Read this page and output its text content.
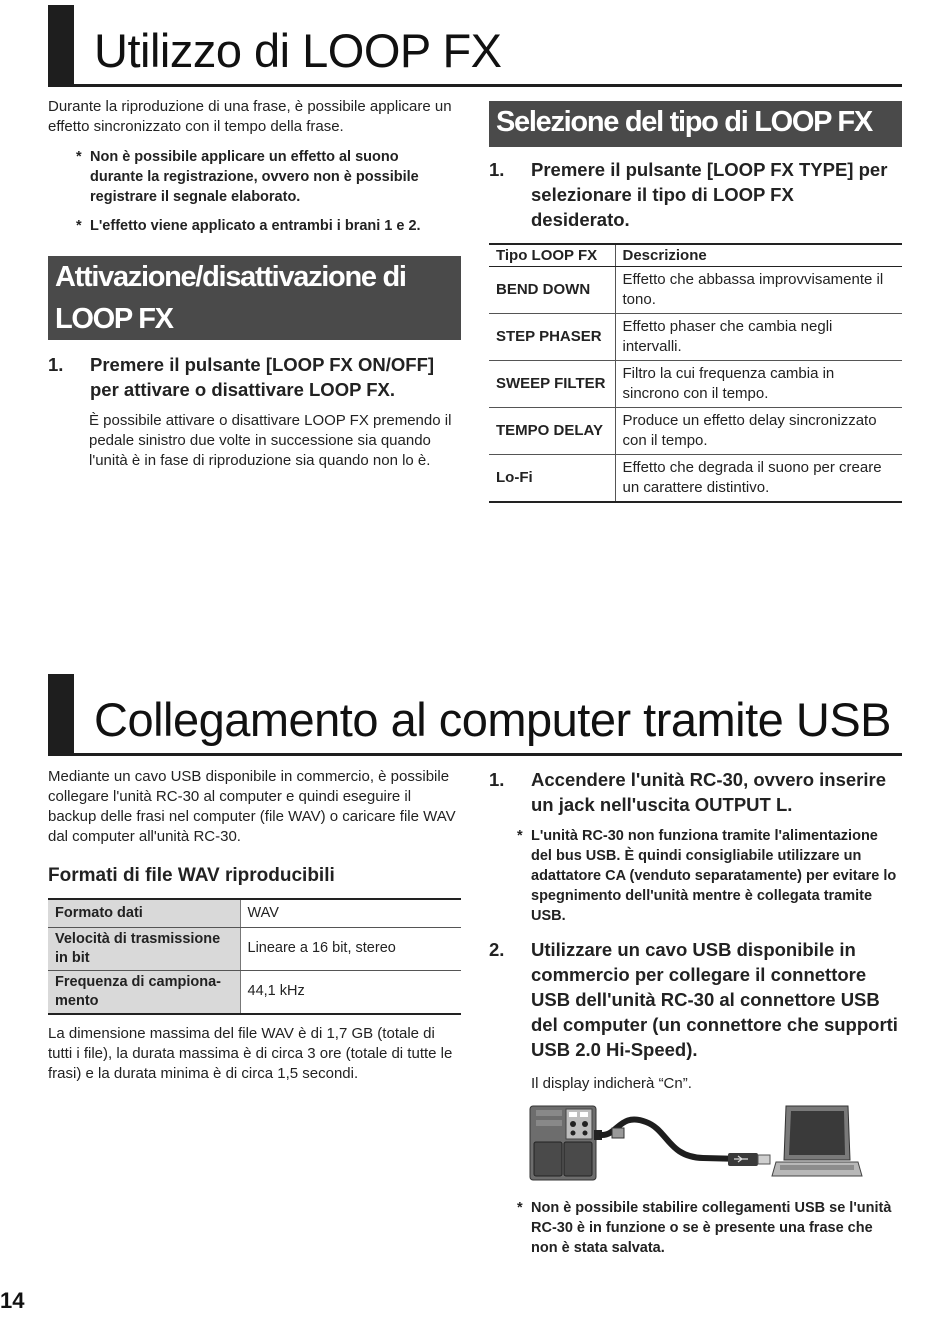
Utilizzo di LOOP FX
Durante la riproduzione di una frase, è possibile applicare un effetto sincronizzato con il tempo della frase.
* Non è possibile applicare un effetto al suono durante la registrazione, ovvero non è possibile registrare il segnale elaborato.
* L'effetto viene applicato a entrambi i brani 1 e 2.
Attivazione/disattivazione di LOOP FX
1. Premere il pulsante [LOOP FX ON/OFF] per attivare o disattivare LOOP FX.
È possibile attivare o disattivare LOOP FX premendo il pedale sinistro due volte in successione sia quando l'unità è in fase di riproduzione sia quando non lo è.
Selezione del tipo di LOOP FX
1. Premere il pulsante [LOOP FX TYPE] per selezionare il tipo di LOOP FX desiderato.
Tipo LOOP FX	Descrizione
BEND DOWN	Effetto che abbassa improvvisamente il tono.
STEP PHASER	Effetto phaser che cambia negli intervalli.
SWEEP FILTER	Filtro la cui frequenza cambia in sincrono con il tempo.
TEMPO DELAY	Produce un effetto delay sincronizzato con il tempo.
Lo-Fi	Effetto che degrada il suono per creare un carattere distintivo.
Collegamento al computer tramite USB
Mediante un cavo USB disponibile in commercio, è possibile collegare l'unità RC-30 al computer e quindi eseguire il backup delle frasi nel computer (file WAV) o caricare file WAV dal computer all'unità RC-30.
Formati di file WAV riproducibili
Formato dati	WAV
Velocità di trasmissione in bit	Lineare a 16 bit, stereo
Frequenza di campiona-mento	44,1 kHz
La dimensione massima del file WAV è di 1,7 GB (totale di tutti i file), la durata massima è di circa 3 ore (totale di tutte le frasi) e la durata minima è di circa 1,5 secondi.
1. Accendere l'unità RC-30, ovvero inserire un jack nell'uscita OUTPUT L.
* L'unità RC-30 non funziona tramite l'alimentazione del bus USB. È quindi consigliabile utilizzare un adattatore CA (venduto separatamente) per evitare lo spegnimento dell'unità mentre è collegata tramite USB.
2. Utilizzare un cavo USB disponibile in commercio per collegare il connettore USB dell'unità RC-30 al connettore USB del computer (un connettore che supporti USB 2.0 Hi-Speed).
Il display indicherà “Cn”.
* Non è possibile stabilire collegamenti USB se l'unità RC-30 è in funzione o se è presente una frase che non è stata salvata.
14
